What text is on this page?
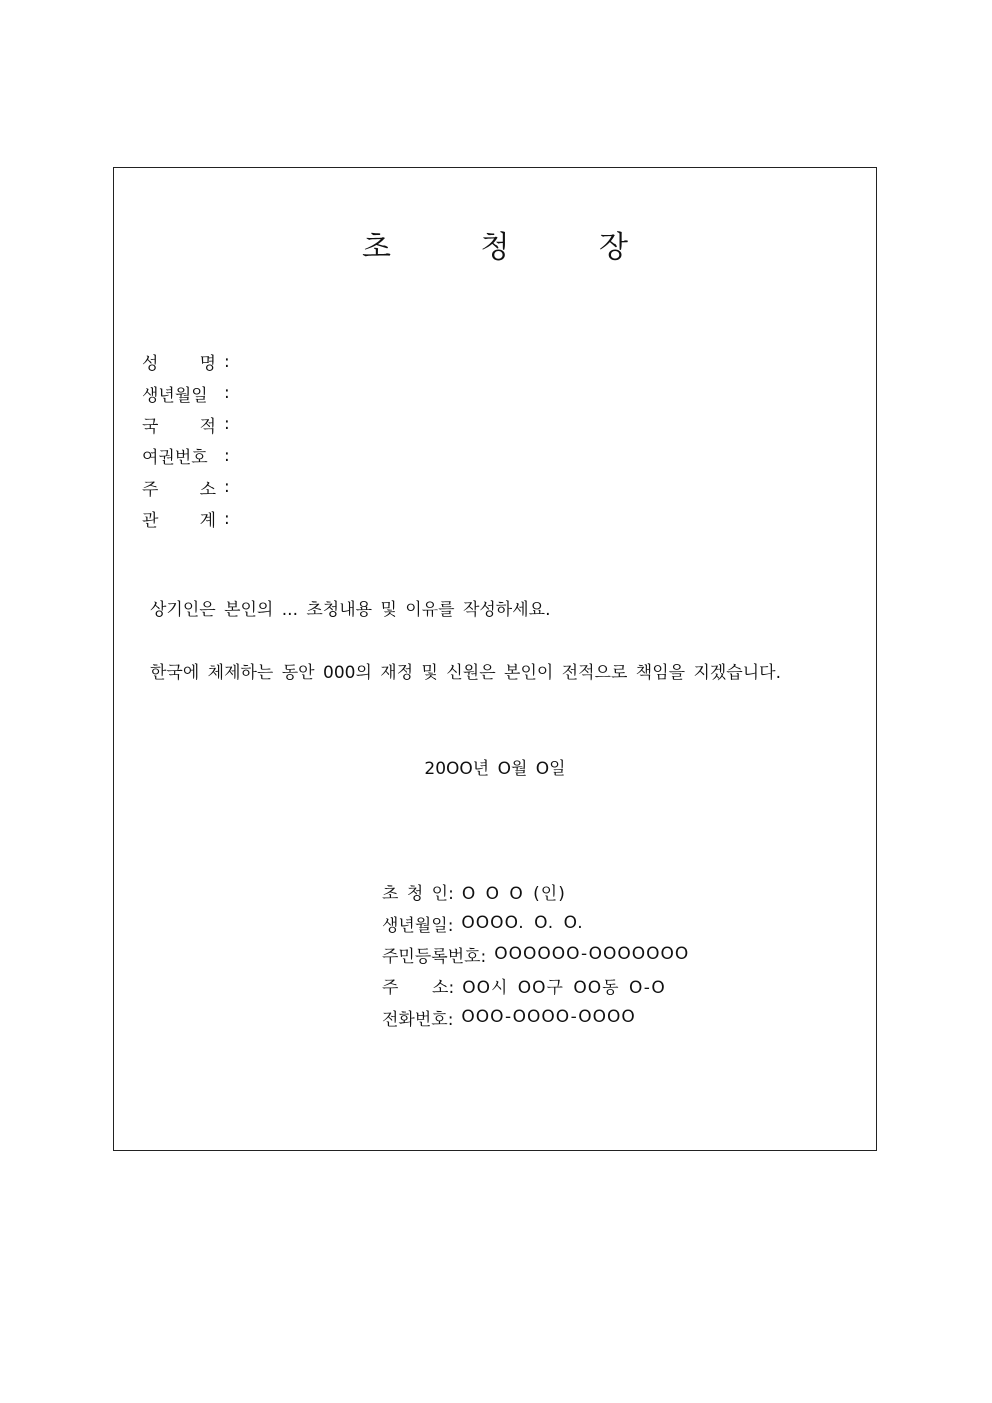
초 청 장
성 명 :
생년월일 :
국 적 :
여권번호 :
주 소 :
관 계 :
상기인은 본인의 ... 초청내용 및 이유를 작성하세요.
한국에 체제하는 동안 000의 재정 및 신원은 본인이 전적으로 책임을 지겠습니다.
20OO년 O월 O일
초 청 인: O O O (인)
생년월일: OOOO. O. O.
주민등록번호: OOOOOO-OOOOOOO
주    소: OO시 OO구 OO동 O-O
전화번호: OOO-OOOO-OOOO
